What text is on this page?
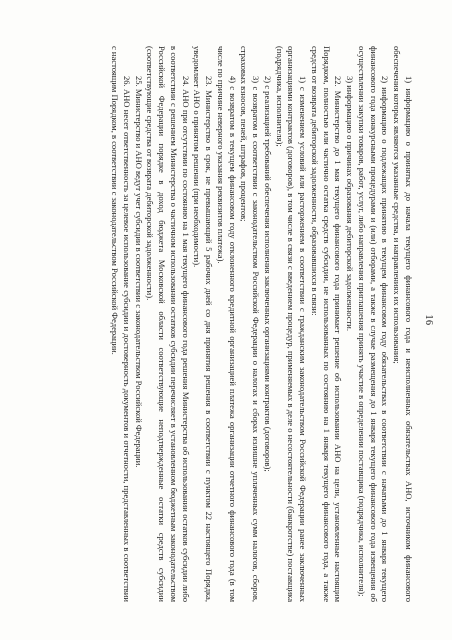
16

1) информацию о принятых до начала текущего финансового года и неисполненных обязательствах АНО, источником финансового обеспечения которых являются указанные средства, и направлениях их использования;

2) информацию о подлежащих принятию в текущем финансовом году обязательствах в соответствии с начатыми до 1 января текущего финансового года конкурсными процедурами и (или) отборами, а также в случае размещения до 1 января текущего финансового года извещения об осуществлении закупки товаров, работ, услуг, либо направления приглашения принять участие в определении поставщика (подрядчика, исполнителя);

3) информацию о причинах образования дебиторской задолженности.

22. Министерство до 1 мая текущего финансового года принимает решение об использовании АНО на цели, установленные настоящим Порядком, полностью или частично остатка средств субсидии, не использованных по состоянию на 1 января текущего финансового года, а также средств от возврата дебиторской задолженности, образовавшихся в связи:

1) с изменением условий или расторжением в соответствии с гражданским законодательством Российской Федерации ранее заключенных организациями контрактов (договоров), в том числе в связи с введением процедур, применяемых в деле о несостоятельности (банкротстве) поставщика (подрядчика, исполнителя);

2) с реализацией требований обеспечения исполнения заключенных организациями контрактов (договоров);

3) с возвратом в соответствии с законодательством Российской Федерации о налогах и сборах излишне уплаченных сумм налогов, сборов, страховых взносов, пеней, штрафов, процентов;

4) с возвратом в текущем финансовом году отклоненного кредитной организацией платежа организации отчетного финансового года (в том числе по причине неверного указания реквизитов платежа).

23. Министерство в срок, не превышающий 5 рабочих дней со дня принятия решения в соответствии с пунктом 22 настоящего Порядка, уведомляет АНО о принятом решении (при необходимости).

24. АНО при отсутствии по состоянию на 1 мая текущего финансового года решения Министерства об использовании остатков субсидии либо в соответствии с решением Министерства о частичном использовании остатков субсидии перечисляет в установленном бюджетным законодательством Российской Федерации порядке в доход бюджета Московской области соответствующие неподтвержденные остатки средств субсидии (соответствующие средства от возврата дебиторской задолженности).

25. Министерство и АНО ведут учет субсидии в соответствии с законодательством Российской Федерации.

26. АНО несет ответственность за целевое использование субсидии и достоверность документов и отчетности, представленных в соответствии с настоящим Порядком, в соответствии с законодательством Российской Федерации.
